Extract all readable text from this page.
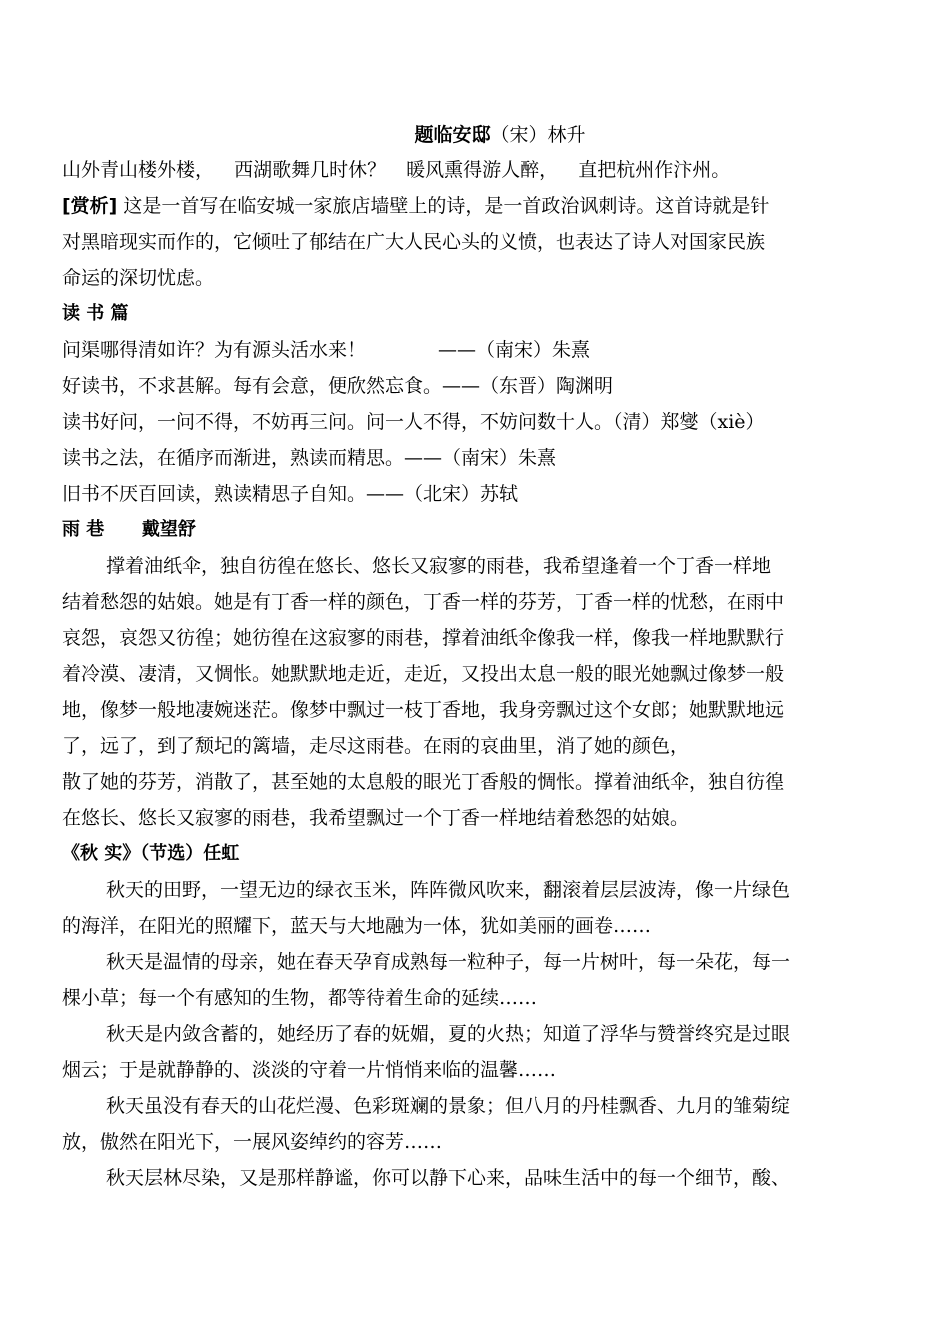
题临安邸（宋）林升
山外青山楼外楼， 西湖歌舞几时休？ 暖风熏得游人醉， 直把杭州作汴州。
[赏析] 这是一首写在临安城一家旅店墙壁上的诗，是一首政治讽刺诗。这首诗就是针
对黑暗现实而作的，它倾吐了郁结在广大人民心头的义愤，也表达了诗人对国家民族
命运的深切忧虑。
读 书 篇
问渠哪得清如许？为有源头活水来！	——（南宋）朱熹
好读书，不求甚解。每有会意，便欣然忘食。——（东晋）陶渊明
读书好问，一问不得，不妨再三问。问一人不得，不妨问数十人。（清）郑燮（xiè）
读书之法，在循序而渐进，熟读而精思。——（南宋）朱熹
旧书不厌百回读，熟读精思子自知。——（北宋）苏轼
雨 巷      戴望舒
撑着油纸伞，独自彷徨在悠长、悠长又寂寥的雨巷，我希望逢着一个丁香一样地
结着愁怨的姑娘。她是有丁香一样的颜色，丁香一样的芬芳，丁香一样的忧愁，在雨中
哀怨，哀怨又彷徨；她彷徨在这寂寥的雨巷，撑着油纸伞像我一样，像我一样地默默行
着冷漠、凄清，又惆怅。她默默地走近，走近，又投出太息一般的眼光她飘过像梦一般
地，像梦一般地凄婉迷茫。像梦中飘过一枝丁香地，我身旁飘过这个女郎；她默默地远
了，远了，到了颓圮的篱墙，走尽这雨巷。在雨的哀曲里，消了她的颜色，
散了她的芬芳，消散了，甚至她的太息般的眼光丁香般的惆怅。撑着油纸伞，独自彷徨
在悠长、悠长又寂寥的雨巷，我希望飘过一个丁香一样地结着愁怨的姑娘。
《秋 实》（节选）任虹
秋天的田野，一望无边的绿衣玉米，阵阵微风吹来，翻滚着层层波涛，像一片绿色
的海洋，在阳光的照耀下，蓝天与大地融为一体，犹如美丽的画卷……
秋天是温情的母亲，她在春天孕育成熟每一粒种子，每一片树叶，每一朵花，每一
棵小草；每一个有感知的生物，都等待着生命的延续……
秋天是内敛含蓄的，她经历了春的妩媚，夏的火热；知道了浮华与赞誉终究是过眼
烟云；于是就静静的、淡淡的守着一片悄悄来临的温馨……
秋天虽没有春天的山花烂漫、色彩斑斓的景象；但八月的丹桂飘香、九月的雏菊绽
放，傲然在阳光下，一展风姿绰约的容芳……
秋天层林尽染，又是那样静谧，你可以静下心来，品味生活中的每一个细节，酸、
